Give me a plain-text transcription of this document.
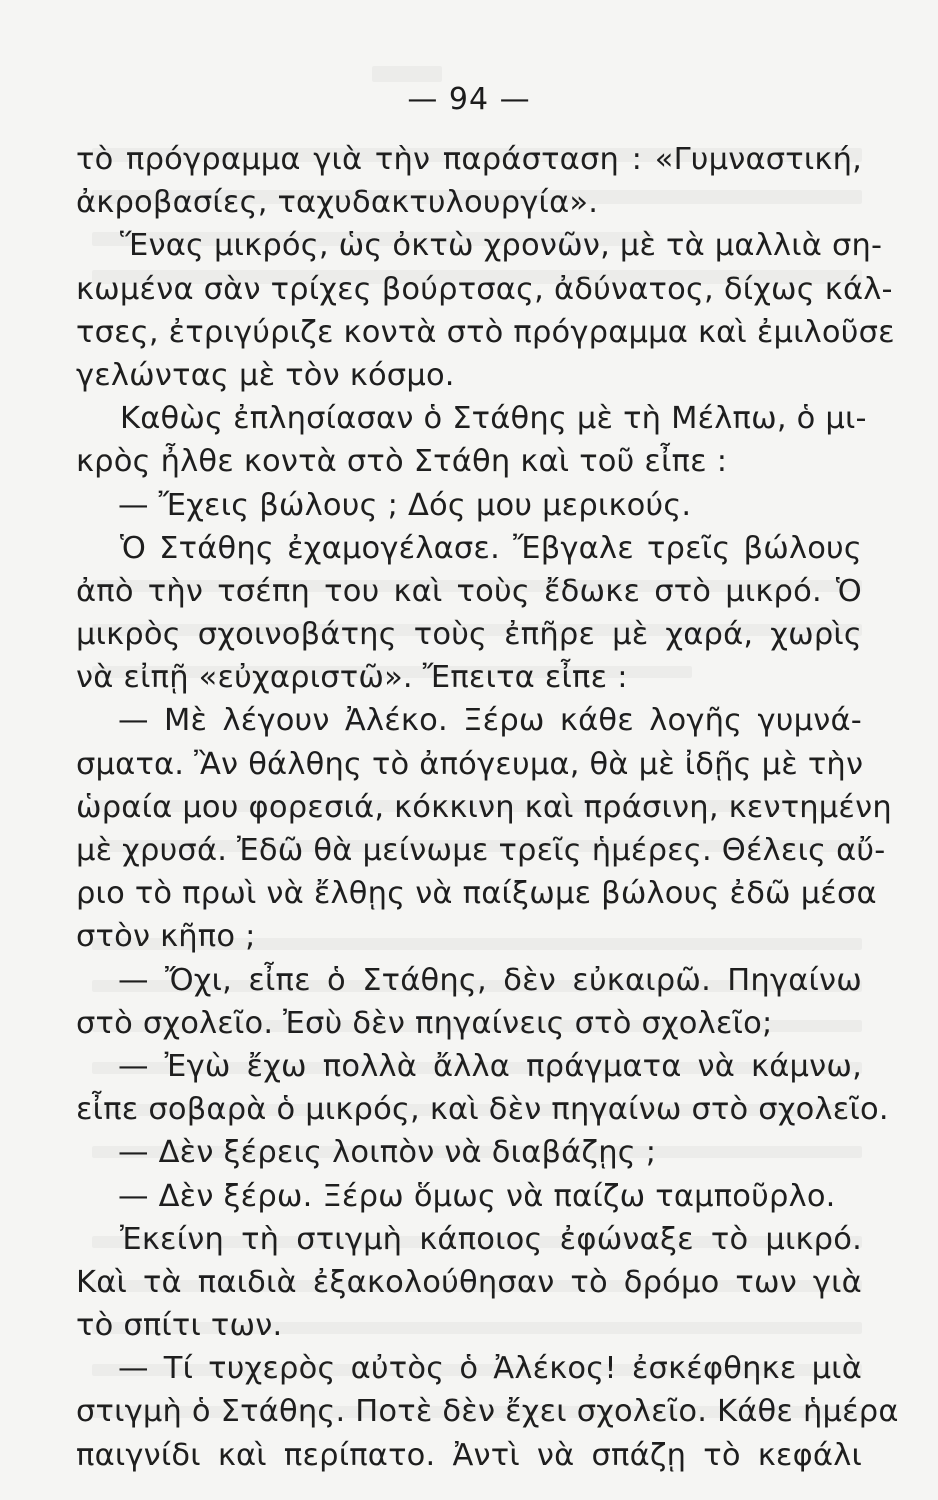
— 94 —
τὸ πρόγραμμα γιὰ τὴν παράσταση : «Γυμναστική,
ἀκροβασίες, ταχυδακτυλουργία».
Ἕνας μικρός, ὡς ὀκτὼ χρονῶν, μὲ τὰ μαλλιὰ ση-
κωμένα σὰν τρίχες βούρτσας, ἀδύνατος, δίχως κάλ-
τσες, ἐτριγύριζε κοντὰ στὸ πρόγραμμα καὶ ἐμιλοῦσε
γελώντας μὲ τὸν κόσμο.
Καθὼς ἐπλησίασαν ὁ Στάθης μὲ τὴ Μέλπω, ὁ μι-
κρὸς ἦλθε κοντὰ στὸ Στάθη καὶ τοῦ εἶπε :
— Ἔχεις βώλους ; Δός μου μερικούς.
Ὁ Στάθης ἐχαμογέλασε. Ἔβγαλε τρεῖς βώλους
ἀπὸ τὴν τσέπη του καὶ τοὺς ἔδωκε στὸ μικρό. Ὁ
μικρὸς σχοινοβάτης τοὺς ἐπῆρε μὲ χαρά, χωρὶς
νὰ εἰπῇ «εὐχαριστῶ». Ἔπειτα εἶπε :
— Μὲ λέγουν Ἀλέκο. Ξέρω κάθε λογῆς γυμνά-
σματα. Ἂν θάλθης τὸ ἀπόγευμα, θὰ μὲ ἰδῇς μὲ τὴν
ὡραία μου φορεσιά, κόκκινη καὶ πράσινη, κεντημένη
μὲ χρυσά. Ἐδῶ θὰ μείνωμε τρεῖς ἡμέρες. Θέλεις αὔ-
ριο τὸ πρωὶ νὰ ἔλθῃς νὰ παίξωμε βώλους ἐδῶ μέσα
στὸν κῆπο ;
— Ὄχι, εἶπε ὁ Στάθης, δὲν εὐκαιρῶ. Πηγαίνω
στὸ σχολεῖο. Ἐσὺ δὲν πηγαίνεις στὸ σχολεῖο;
— Ἐγὼ ἔχω πολλὰ ἄλλα πράγματα νὰ κάμνω,
εἶπε σοβαρὰ ὁ μικρός, καὶ δὲν πηγαίνω στὸ σχολεῖο.
— Δὲν ξέρεις λοιπὸν νὰ διαβάζῃς ;
— Δὲν ξέρω. Ξέρω ὅμως νὰ παίζω ταμποῦρλο.
Ἐκείνη τὴ στιγμὴ κάποιος ἐφώναξε τὸ μικρό.
Καὶ τὰ παιδιὰ ἐξακολούθησαν τὸ δρόμο των γιὰ
τὸ σπίτι των.
— Τί τυχερὸς αὐτὸς ὁ Ἀλέκος! ἐσκέφθηκε μιὰ
στιγμὴ ὁ Στάθης. Ποτὲ δὲν ἔχει σχολεῖο. Κάθε ἡμέρα
παιγνίδι καὶ περίπατο. Ἀντὶ νὰ σπάζῃ τὸ κεφάλι
